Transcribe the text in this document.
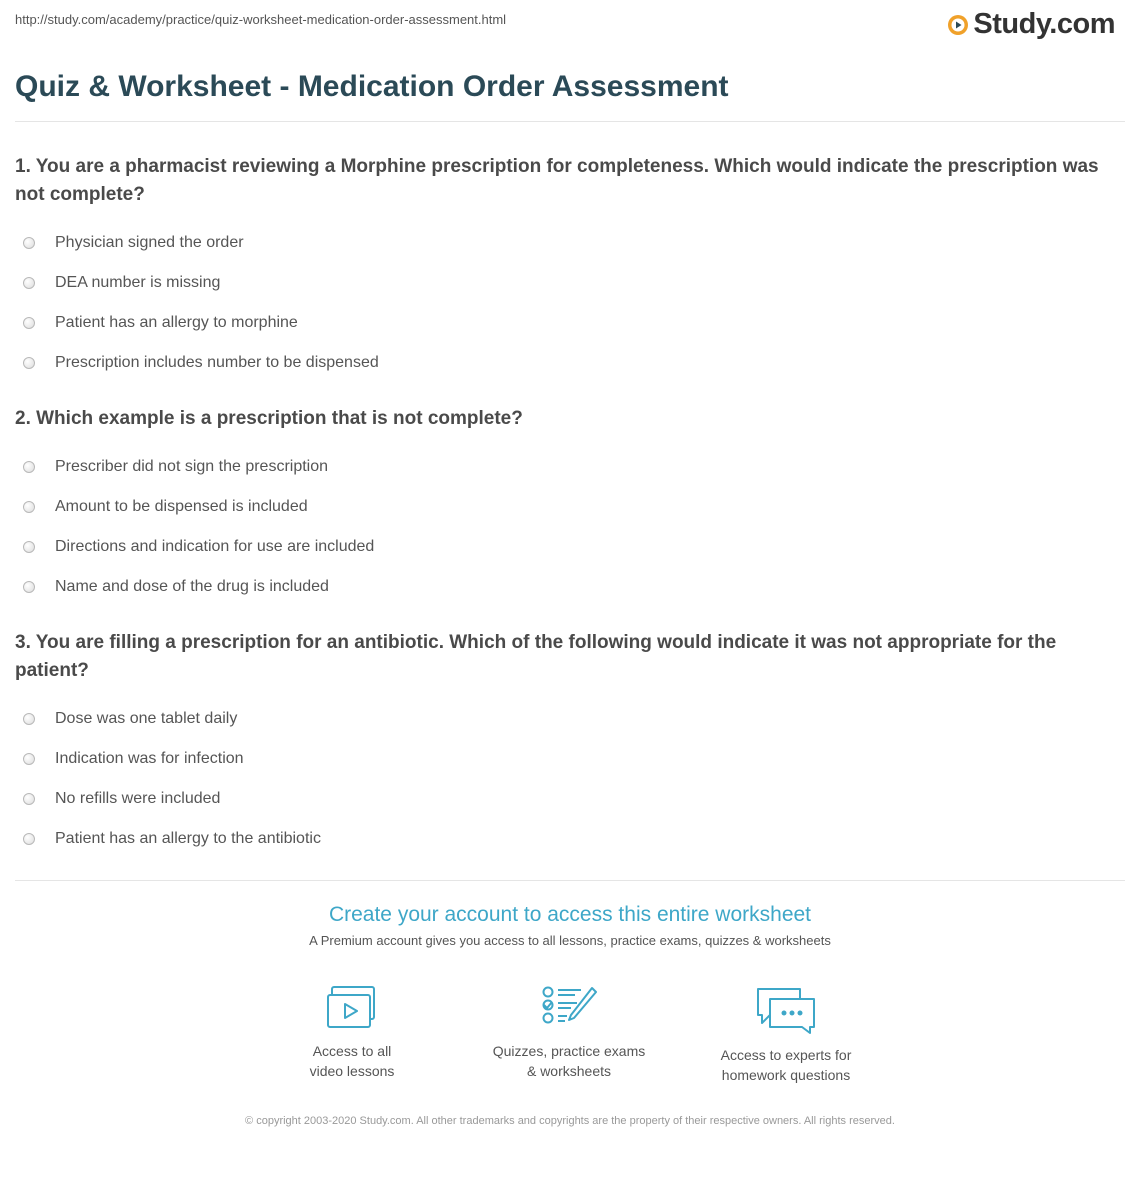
http://study.com/academy/practice/quiz-worksheet-medication-order-assessment.html	Study.com
Quiz & Worksheet - Medication Order Assessment

1. You are a pharmacist reviewing a Morphine prescription for completeness. Which would indicate the prescription was not complete?

Physician signed the order
DEA number is missing
Patient has an allergy to morphine
Prescription includes number to be dispensed

2. Which example is a prescription that is not complete?

Prescriber did not sign the prescription
Amount to be dispensed is included
Directions and indication for use are included
Name and dose of the drug is included

3. You are filling a prescription for an antibiotic. Which of the following would indicate it was not appropriate for the patient?

Dose was one tablet daily
Indication was for infection
No refills were included
Patient has an allergy to the antibiotic

Create your account to access this entire worksheet

A Premium account gives you access to all lessons, practice exams, quizzes & worksheets
Access to all
video lessons
Quizzes, practice exams
& worksheets
Access to experts for
homework questions
© copyright 2003-2020 Study.com. All other trademarks and copyrights are the property of their respective owners. All rights reserved.
